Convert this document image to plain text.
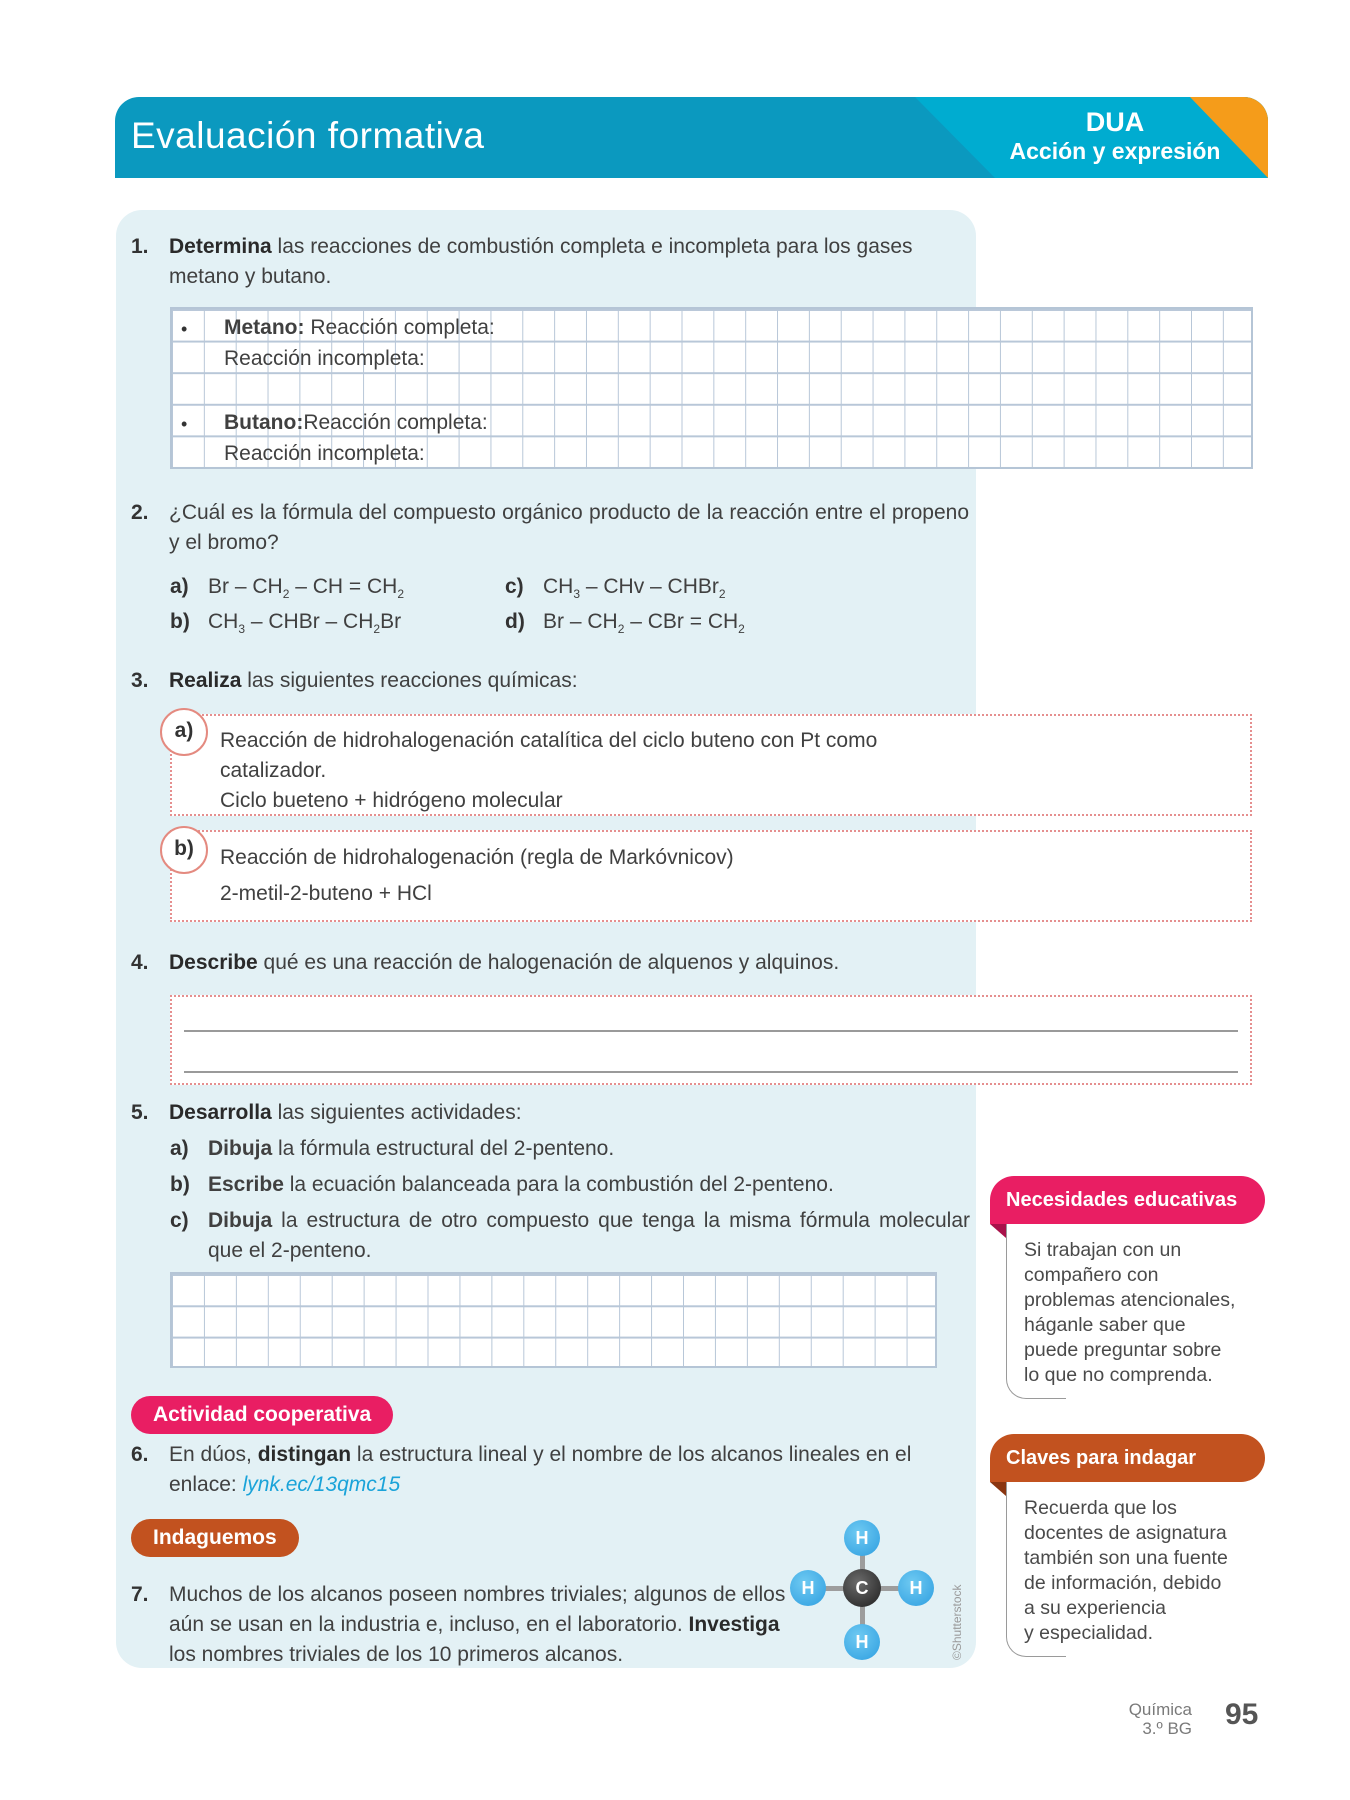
Evaluación formativa	DUA
Acción y expresión
1. Determina las reacciones de combustión completa e incompleta para los gases metano y butano.
• Metano: Reacción completa:
Reacción incompleta:
• Butano:Reacción completa:
Reacción incompleta:
2. ¿Cuál es la fórmula del compuesto orgánico producto de la reacción entre el propeno y el bromo?
a) Br – $CH_2$ – CH = $CH_2$
b) $CH_3$ – CHBr – $CH_2Br$
c) $CH_3$ – CHv – CHBr$_2$
d) Br – $CH_2$ – CBr = $CH_2$
3. Realiza las siguientes reacciones químicas:
Reacción de hidrohalogenación catalítica del ciclo buteno con Pt como
catalizador.
Ciclo bueteno + hidrógeno molecular
a)
Reacción de hidrohalogenación (regla de Markóvnicov)
2-metil-2-buteno + HCl
b)
4. Describe qué es una reacción de halogenación de alquenos y alquinos.
5. Desarrolla las siguientes actividades:
a) Dibuja la fórmula estructural del 2-penteno.
b) Escribe la ecuación balanceada para la combustión del 2-penteno.
c) Dibuja la estructura de otro compuesto que tenga la misma fórmula molecular que el 2-penteno.
Actividad cooperativa
6. En dúos, distingan la estructura lineal y el nombre de los alcanos lineales en el enlace: lynk.ec/13qmc15
Indaguemos
7. Muchos de los alcanos poseen nombres triviales; algunos de ellos aún se usan en la industria e, incluso, en el laboratorio. Investiga los nombres triviales de los 10 primeros alcanos.
H
H	C	H
H	©Shutterstock
Necesidades educativas
Si trabajan con un
compañero con
problemas atencionales,
háganle saber que
puede preguntar sobre
lo que no comprenda.
Claves para indagar
Recuerda que los
docentes de asignatura
también son una fuente
de información, debido
a su experiencia
y especialidad.
Química
3.º BG 95
